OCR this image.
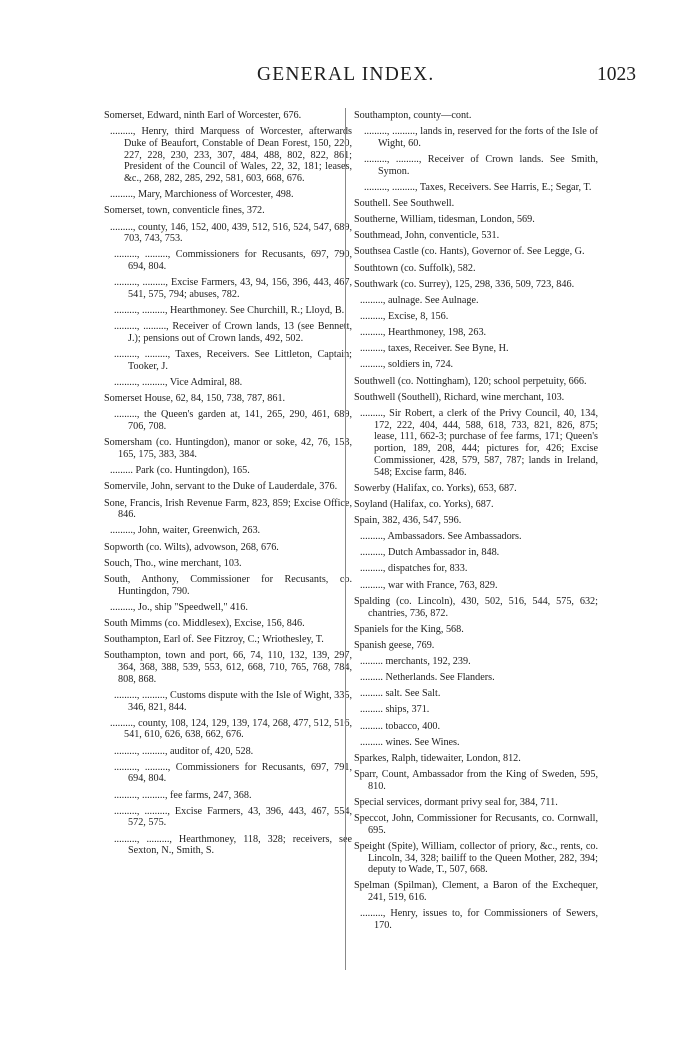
GENERAL INDEX.	1023
Somerset, Edward, ninth Earl of Worcester, 676.
........., Henry, third Marquess of Worcester, afterwards Duke of Beaufort, Constable of Dean Forest, 150, 220, 227, 228, 230, 233, 307, 484, 488, 802, 822, 861; President of the Council of Wales, 22, 32, 181; leases, &c., 268, 282, 285, 292, 581, 603, 668, 676.
........., Mary, Marchioness of Worcester, 498.
Somerset, town, conventicle fines, 372.
........., county, 146, 152, 400, 439, 512, 516, 524, 547, 689, 703, 743, 753.
........., ........., Commissioners for Recusants, 697, 790, 694, 804.
........., ........., Excise Farmers, 43, 94, 156, 396, 443, 467, 541, 575, 794; abuses, 782.
........., ........., Hearthmoney. See Churchill, R.; Lloyd, B.
........., ........., Receiver of Crown lands, 13 (see Bennett, J.); pensions out of Crown lands, 492, 502.
........., ........., Taxes, Receivers. See Littleton, Captain; Tooker, J.
........., ........., Vice Admiral, 88.
Somerset House, 62, 84, 150, 738, 787, 861.
........., the Queen's garden at, 141, 265, 290, 461, 689, 706, 708.
Somersham (co. Huntingdon), manor or soke, 42, 76, 153, 165, 175, 383, 384.
......... Park (co. Huntingdon), 165.
Somervile, John, servant to the Duke of Lauderdale, 376.
Sone, Francis, Irish Revenue Farm, 823, 859; Excise Office, 846.
........., John, waiter, Greenwich, 263.
Sopworth (co. Wilts), advowson, 268, 676.
Souch, Tho., wine merchant, 103.
South, Anthony, Commissioner for Recusants, co. Huntingdon, 790.
........., Jo., ship "Speedwell," 416.
South Mimms (co. Middlesex), Excise, 156, 846.
Southampton, Earl of. See Fitzroy, C.; Wriothesley, T.
Southampton, town and port, 66, 74, 110, 132, 139, 297, 364, 368, 388, 539, 553, 612, 668, 710, 765, 768, 784, 808, 868.
........., ........., Customs dispute with the Isle of Wight, 335, 346, 821, 844.
........., county, 108, 124, 129, 139, 174, 268, 477, 512, 516, 541, 610, 626, 638, 662, 676.
........., ........., auditor of, 420, 528.
........., ........., Commissioners for Recusants, 697, 791, 694, 804.
........., ........., fee farms, 247, 368.
........., ........., Excise Farmers, 43, 396, 443, 467, 554, 572, 575.
........., ........., Hearthmoney, 118, 328; receivers, see Sexton, N., Smith, S.
Southampton, county—cont.
........., ........., lands in, reserved for the forts of the Isle of Wight, 60.
........., ........., Receiver of Crown lands. See Smith, Symon.
........., ........., Taxes, Receivers. See Harris, E.; Segar, T.
Southell. See Southwell.
Southerne, William, tidesman, London, 569.
Southmead, John, conventicle, 531.
Southsea Castle (co. Hants), Governor of. See Legge, G.
Southtown (co. Suffolk), 582.
Southwark (co. Surrey), 125, 298, 336, 509, 723, 846.
........., aulnage. See Aulnage.
........., Excise, 8, 156.
........., Hearthmoney, 198, 263.
........., taxes, Receiver. See Byne, H.
........., soldiers in, 724.
Southwell (co. Nottingham), 120; school perpetuity, 666.
Southwell (Southell), Richard, wine merchant, 103.
........., Sir Robert, a clerk of the Privy Council, 40, 134, 172, 222, 404, 444, 588, 618, 733, 821, 826, 875; lease, 111, 662-3; purchase of fee farms, 171; Queen's portion, 189, 208, 444; pictures for, 426; Excise Commissioner, 428, 579, 587, 787; lands in Ireland, 548; Excise farm, 846.
Sowerby (Halifax, co. Yorks), 653, 687.
Soyland (Halifax, co. Yorks), 687.
Spain, 382, 436, 547, 596.
........., Ambassadors. See Ambassadors.
........., Dutch Ambassador in, 848.
........., dispatches for, 833.
........., war with France, 763, 829.
Spalding (co. Lincoln), 430, 502, 516, 544, 575, 632; chantries, 736, 872.
Spaniels for the King, 568.
Spanish geese, 769.
......... merchants, 192, 239.
......... Netherlands. See Flanders.
......... salt. See Salt.
......... ships, 371.
......... tobacco, 400.
......... wines. See Wines.
Sparkes, Ralph, tidewaiter, London, 812.
Sparr, Count, Ambassador from the King of Sweden, 595, 810.
Special services, dormant privy seal for, 384, 711.
Speccot, John, Commissioner for Recusants, co. Cornwall, 695.
Speight (Spite), William, collector of priory, &c., rents, co. Lincoln, 34, 328; bailiff to the Queen Mother, 282, 394; deputy to Wade, T., 507, 668.
Spelman (Spilman), Clement, a Baron of the Exchequer, 241, 519, 616.
........., Henry, issues to, for Commissioners of Sewers, 170.
